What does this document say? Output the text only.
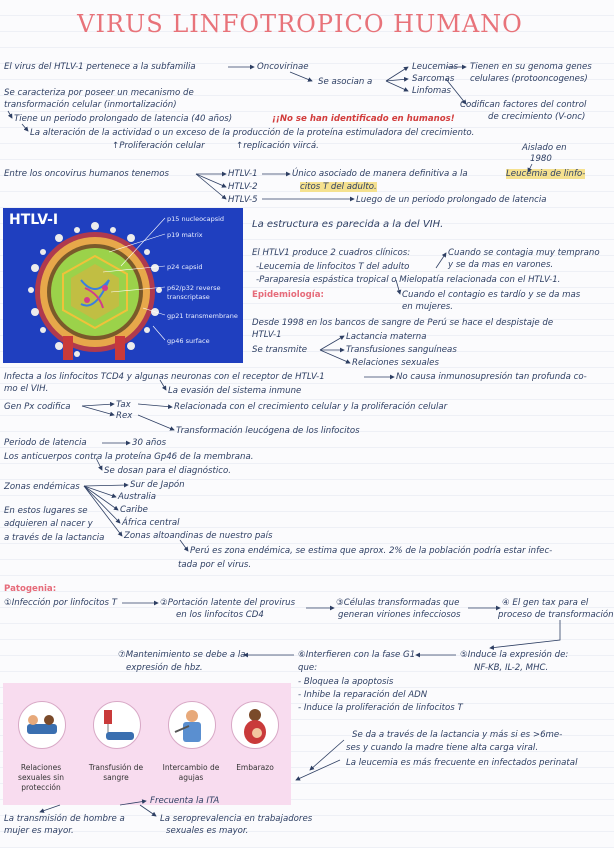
VIRUS LINFOTROPICO HUMANO
El virus del HTLV-1 pertenece a la subfamilia	Oncovirinae
Se asocian a
Leucemias
Sarcomas
Linfomas
Tienen en su genoma genes
celulares (protooncogenes)
Codifican factores del control
de crecimiento (V-onc)
Se caracteriza por poseer un mecanismo de
transformación celular (inmortalización)
Tiene un periodo prolongado de latencia (40 años)	¡¡No se han identificado en humanos!
La alteración de la actividad o un exceso de la producción de la proteína estimuladora del crecimiento.
↑Proliferación celular	↑replicación viircá.
Entre los oncovirus humanos tenemos	HTLV-1
HTLV-2
HTLV-5
Único asociado de manera definitiva a la	Leucemia de linfo-
citos T del adulto.
Aislado en
1980
Luego de un periodo prolongado de latencia
HTLV-I	p15 nucleocapsid
p19 matrix
p24 capsid
p62/p32 reverse
transcriptase
gp21 transmembrane
gp46 surface
La estructura es parecida a la del VIH.
El HTLV1 produce 2 cuadros clínicos:
-Leucemia de linfocitos T del adulto
-Paraparesia espástica tropical o Mielopatía relacionada con el HTLV-1.
Cuando se contagia muy temprano
y se da mas en varones.
Cuando el contagio es tardío y se da mas
en mujeres.
Epidemiología:
Desde 1998 en los bancos de sangre de Perú se hace el despistaje de
HTLV-1
Se transmite
Lactancia materna
Transfusiones sanguíneas
Relaciones sexuales
Infecta a los linfocitos TCD4 y algunas neuronas con el receptor de HTLV-1	No causa inmunosupresión tan profunda co-
mo el VIH.	La evasión del sistema inmune
Gen Px codifica	Tax
Rex
Relacionada con el crecimiento celular y la proliferación celular
Transformación leucógena de los linfocitos
Periodo de latencia	30 años
Los anticuerpos contra la proteína Gp46 de la membrana.
Se dosan para el diagnóstico.
Zonas endémicas	Sur de Japón
Australia
Caribe
África central
Zonas altoandinas de nuestro país
En estos lugares se
adquieren al nacer y
a través de la lactancia
Perú es zona endémica, se estima que aprox. 2% de la población podría estar infec-
tada por el virus.
Patogenia:
①Infección por linfocitos T	②Portación latente del provirus
en los linfocitos CD4
③Células transformadas que
generan viriones infecciosos
④ El gen tax para el
proceso de transformación
⑤Induce la expresión de:
NF-KB, IL-2, MHC.
⑥Interfieren con la fase G1
que:
- Bloquea la apoptosis
- Inhibe la reparación del ADN
- Induce la proliferación de linfocitos T
⑦Mantenimiento se debe a la
expresión de hbz.
Relaciones sexuales sin protección
Transfusión de sangre
Intercambio de agujas
Embarazo
Se da a través de la lactancia y más si es >6me-
ses y cuando la madre tiene alta carga viral.
La leucemia es más frecuente en infectados perinatal
Frecuenta la ITA
La transmisión de hombre a
mujer es mayor.
La seroprevalencia en trabajadores
sexuales es mayor.
